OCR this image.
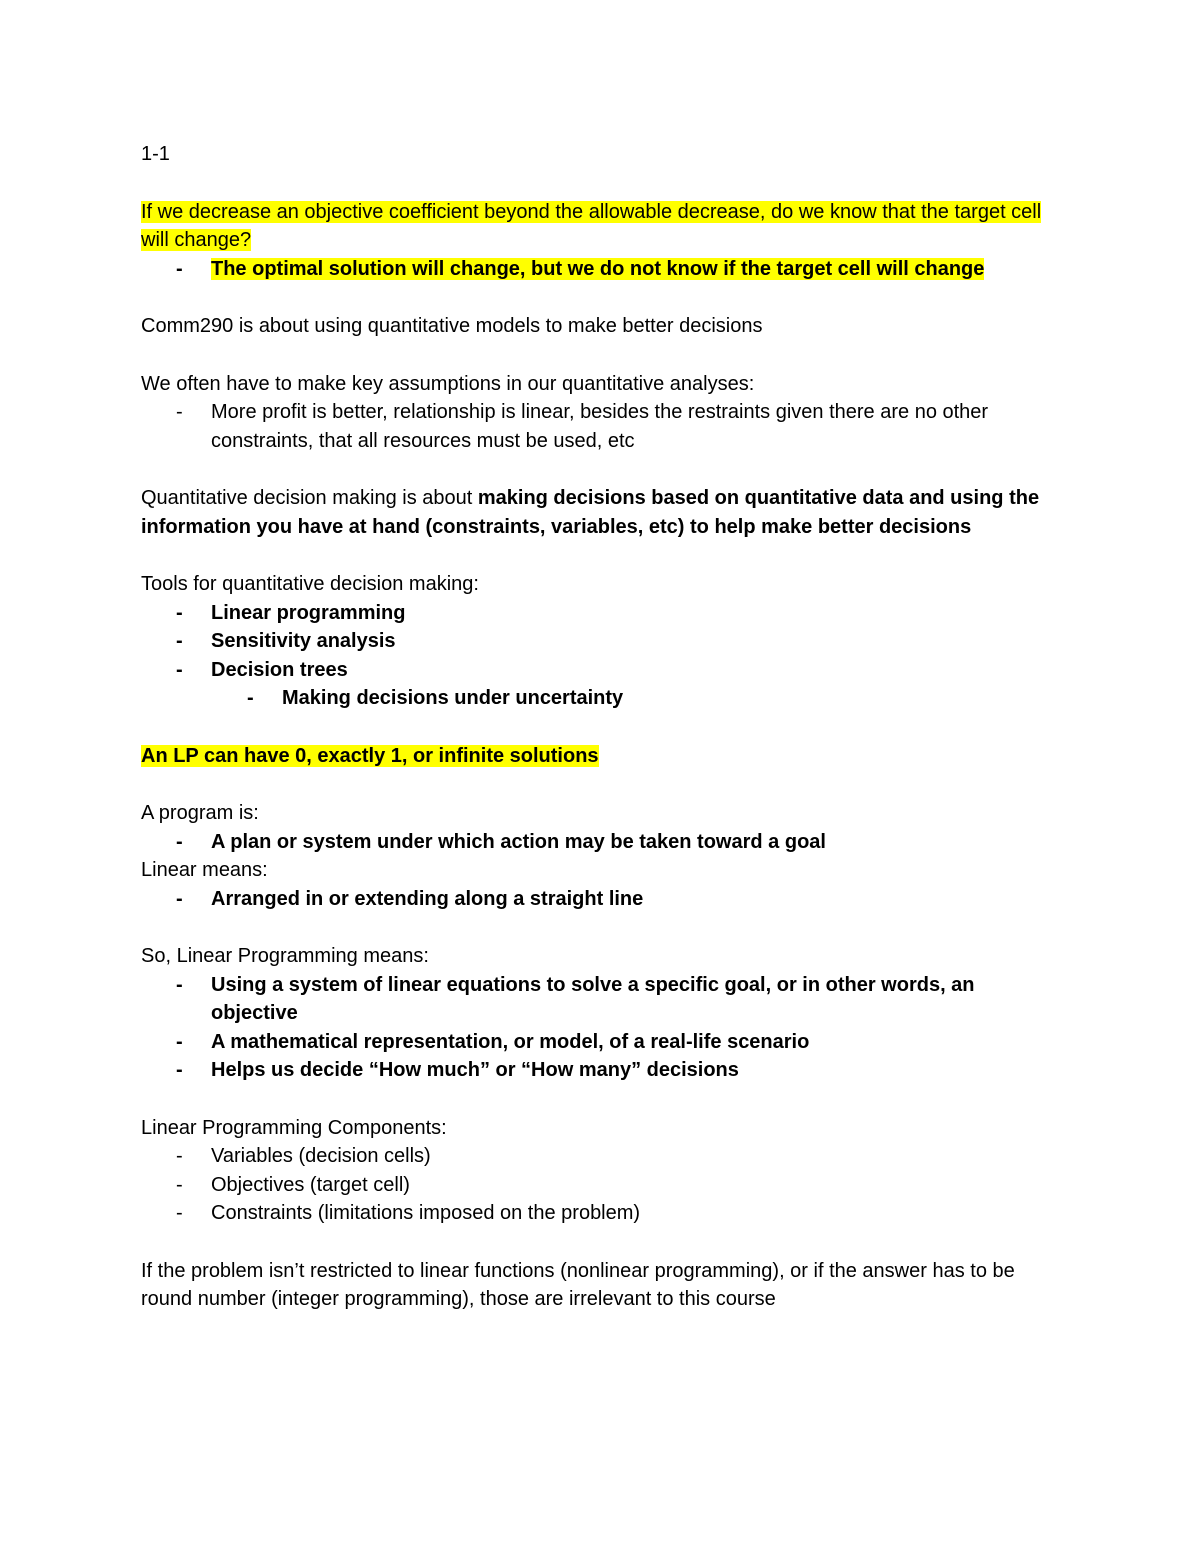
1-1

If we decrease an objective coefficient beyond the allowable decrease, do we know that the target cell will change?

- The optimal solution will change, but we do not know if the target cell will change

Comm290 is about using quantitative models to make better decisions

We often have to make key assumptions in our quantitative analyses:

- More profit is better, relationship is linear, besides the restraints given there are no other constraints, that all resources must be used, etc

Quantitative decision making is about making decisions based on quantitative data and using the information you have at hand (constraints, variables, etc) to help make better decisions

Tools for quantitative decision making:

- Linear programming
- Sensitivity analysis
- Decision trees
- Making decisions under uncertainty

An LP can have 0, exactly 1, or infinite solutions

A program is:

- A plan or system under which action may be taken toward a goal

Linear means:

- Arranged in or extending along a straight line

So, Linear Programming means:

- Using a system of linear equations to solve a specific goal, or in other words, an objective
- A mathematical representation, or model, of a real-life scenario
- Helps us decide “How much” or “How many” decisions

Linear Programming Components:

- Variables (decision cells)
- Objectives (target cell)
- Constraints (limitations imposed on the problem)

If the problem isn’t restricted to linear functions (nonlinear programming), or if the answer has to be round number (integer programming), those are irrelevant to this course
